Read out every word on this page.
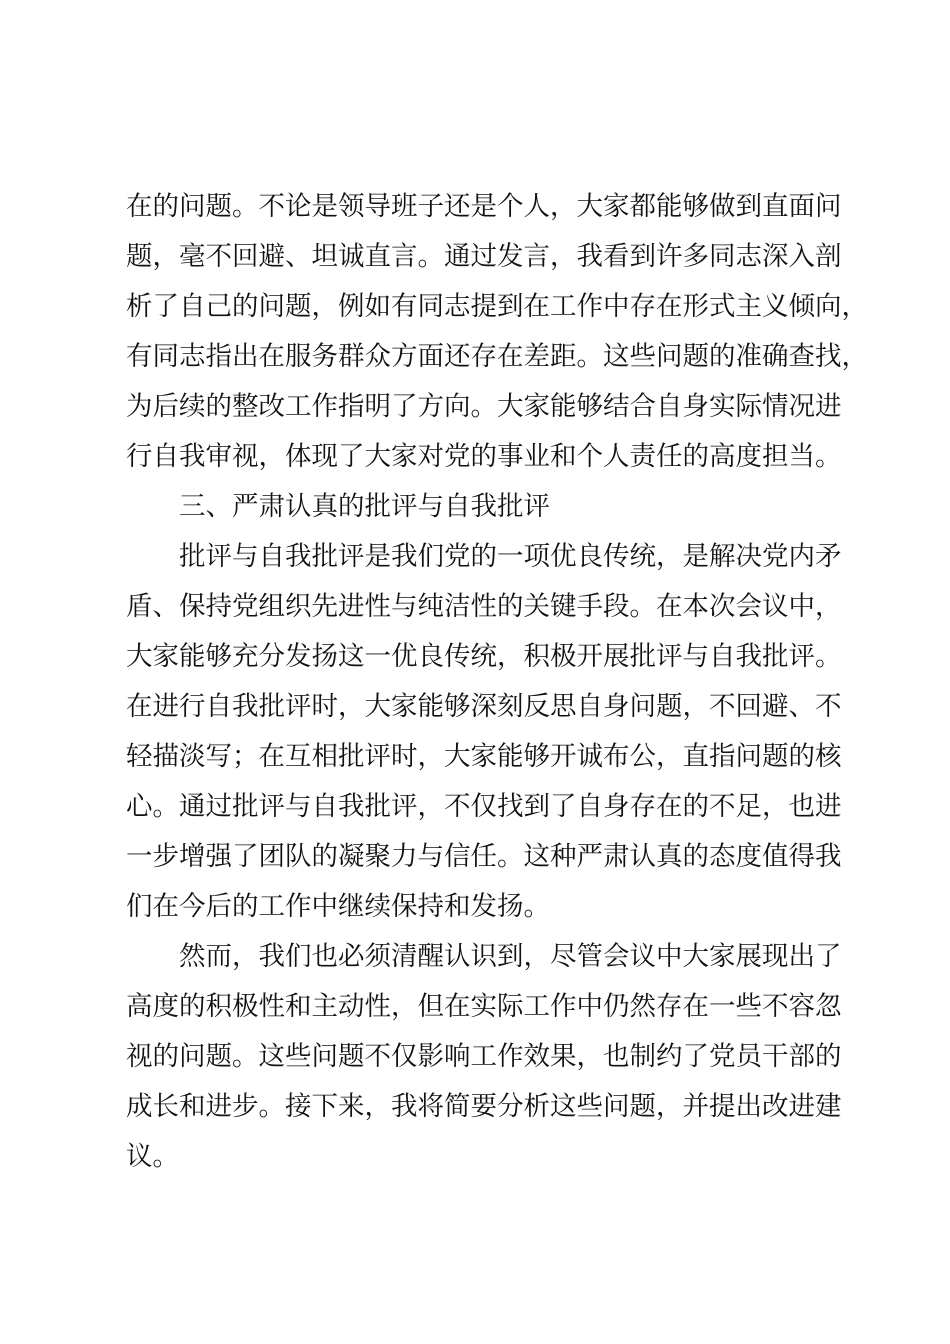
在的问题。不论是领导班子还是个人，大家都能够做到直面问
题，毫不回避、坦诚直言。通过发言，我看到许多同志深入剖
析了自己的问题，例如有同志提到在工作中存在形式主义倾向，
有同志指出在服务群众方面还存在差距。这些问题的准确查找，
为后续的整改工作指明了方向。大家能够结合自身实际情况进
行自我审视，体现了大家对党的事业和个人责任的高度担当。
三、严肃认真的批评与自我批评
批评与自我批评是我们党的一项优良传统，是解决党内矛
盾、保持党组织先进性与纯洁性的关键手段。在本次会议中，
大家能够充分发扬这一优良传统，积极开展批评与自我批评。
在进行自我批评时，大家能够深刻反思自身问题，不回避、不
轻描淡写；在互相批评时，大家能够开诚布公，直指问题的核
心。通过批评与自我批评，不仅找到了自身存在的不足，也进
一步增强了团队的凝聚力与信任。这种严肃认真的态度值得我
们在今后的工作中继续保持和发扬。
然而，我们也必须清醒认识到，尽管会议中大家展现出了
高度的积极性和主动性，但在实际工作中仍然存在一些不容忽
视的问题。这些问题不仅影响工作效果，也制约了党员干部的
成长和进步。接下来，我将简要分析这些问题，并提出改进建
议。
